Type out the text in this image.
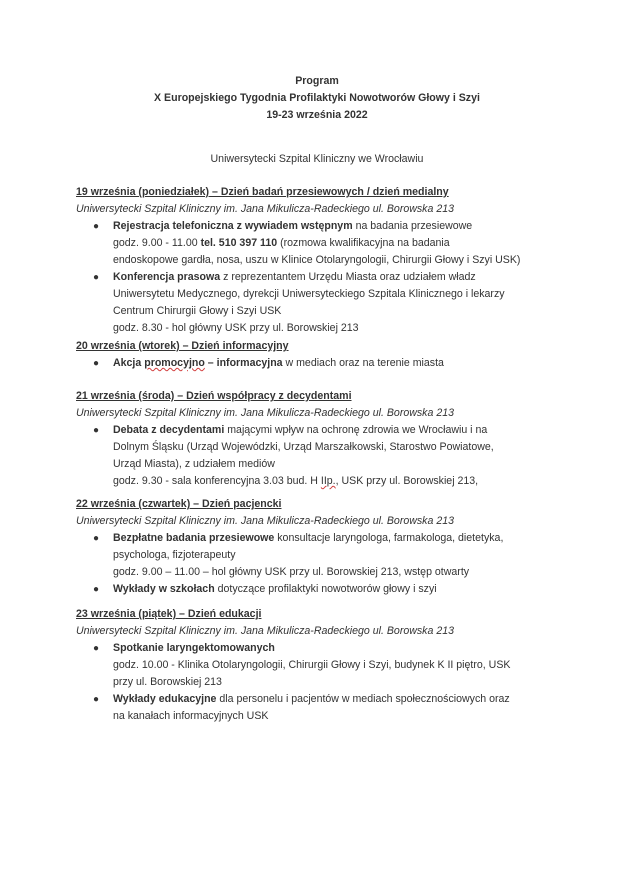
Program
X Europejskiego Tygodnia Profilaktyki Nowotworów Głowy i Szyi
19-23 września 2022
Uniwersytecki Szpital Kliniczny we Wrocławiu
19 września (poniedziałek) – Dzień badań przesiewowych / dzień medialny
Uniwersytecki Szpital Kliniczny im. Jana Mikulicza-Radeckiego ul. Borowska 213
● Rejestracja telefoniczna z wywiadem wstępnym na badania przesiewowe
godz. 9.00 - 11.00 tel. 510 397 110 (rozmowa kwalifikacyjna na badania
endoskopowe gardła, nosa, uszu w Klinice Otolaryngologii, Chirurgii Głowy i Szyi USK)
● Konferencja prasowa z reprezentantem Urzędu Miasta oraz udziałem władz
Uniwersytetu Medycznego, dyrekcji Uniwersyteckiego Szpitala Klinicznego i lekarzy
Centrum Chirurgii Głowy i Szyi USK
godz. 8.30 - hol główny USK przy ul. Borowskiej 213
20 września (wtorek) – Dzień informacyjny
● Akcja promocyjno – informacyjna w mediach oraz na terenie miasta
21 września (środa) – Dzień współpracy z decydentami
Uniwersytecki Szpital Kliniczny im. Jana Mikulicza-Radeckiego ul. Borowska 213
● Debata z decydentami mającymi wpływ na ochronę zdrowia we Wrocławiu i na
Dolnym Śląsku (Urząd Wojewódzki, Urząd Marszałkowski, Starostwo Powiatowe,
Urząd Miasta), z udziałem mediów
godz. 9.30 - sala konferencyjna 3.03 bud. H IIp., USK przy ul. Borowskiej 213,
22 września (czwartek) – Dzień pacjencki
Uniwersytecki Szpital Kliniczny im. Jana Mikulicza-Radeckiego ul. Borowska 213
● Bezpłatne badania przesiewowe konsultacje laryngologa, farmakologa, dietetyka,
psychologa, fizjoterapeuty
godz. 9.00 – 11.00 – hol główny USK przy ul. Borowskiej 213, wstęp otwarty
● Wykłady w szkołach dotyczące profilaktyki nowotworów głowy i szyi
23 września (piątek) – Dzień edukacji
Uniwersytecki Szpital Kliniczny im. Jana Mikulicza-Radeckiego ul. Borowska 213
● Spotkanie laryngektomowanych
godz. 10.00 - Klinika Otolaryngologii, Chirurgii Głowy i Szyi, budynek K II piętro, USK
przy ul. Borowskiej 213
● Wykłady edukacyjne dla personelu i pacjentów w mediach społecznościowych oraz
na kanałach informacyjnych USK
